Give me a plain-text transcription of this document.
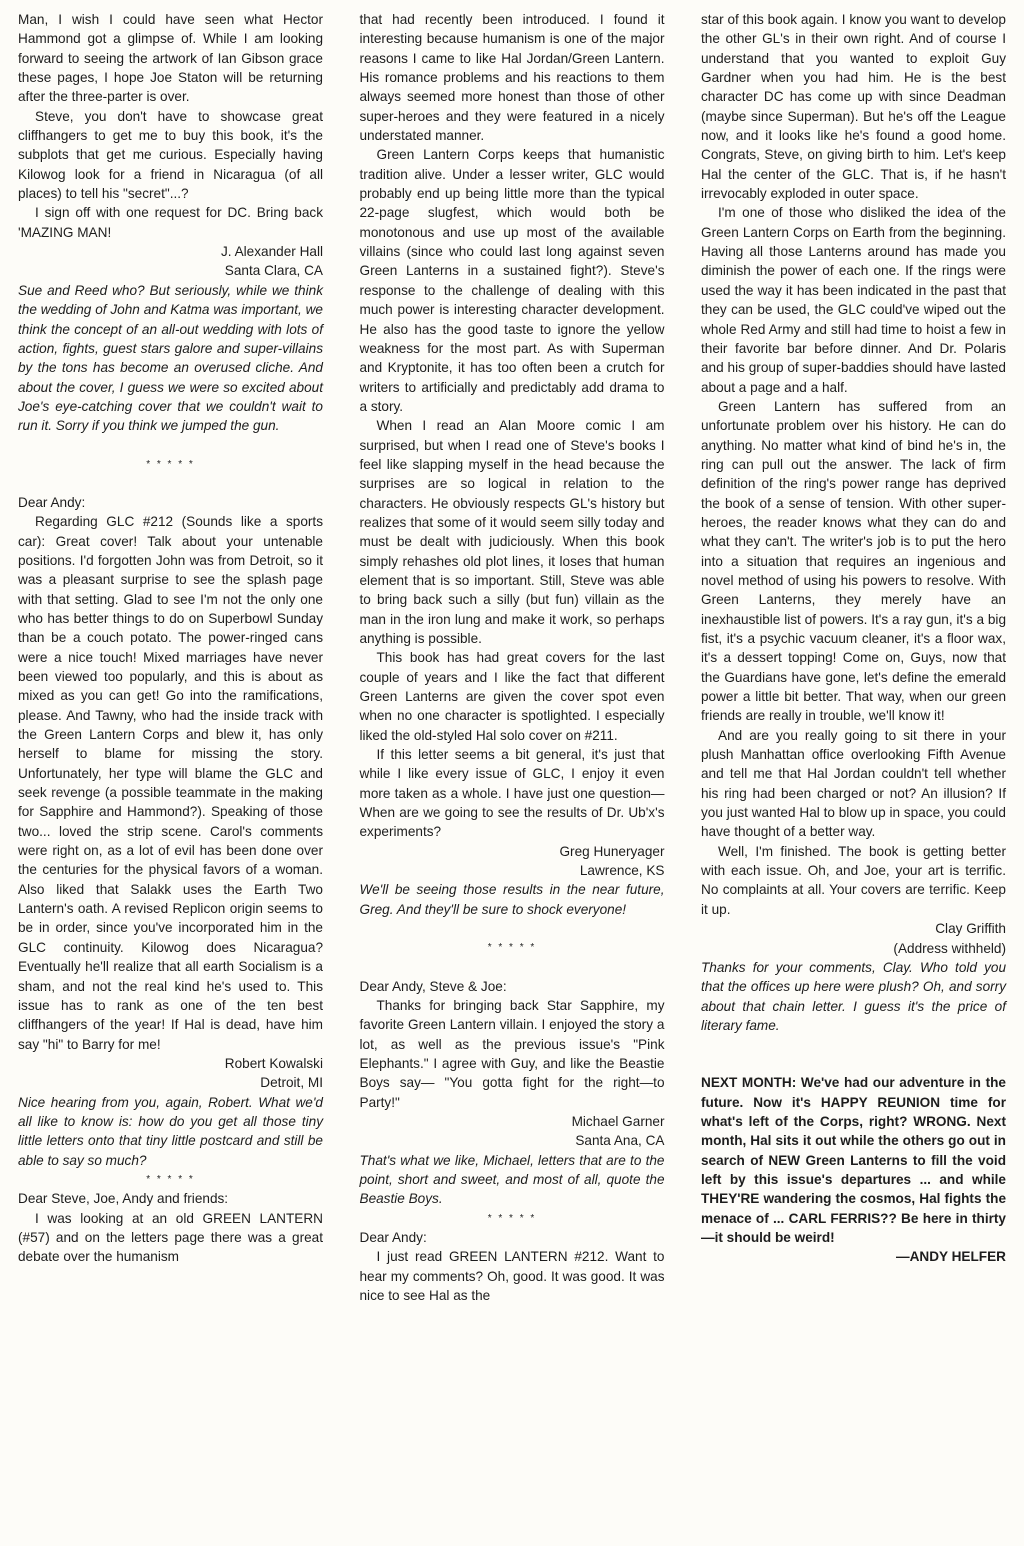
Man, I wish I could have seen what Hector Hammond got a glimpse of. While I am looking forward to seeing the artwork of Ian Gibson grace these pages, I hope Joe Staton will be returning after the three-parter is over.

Steve, you don't have to showcase great cliffhangers to get me to buy this book, it's the subplots that get me curious. Especially having Kilowog look for a friend in Nicaragua (of all places) to tell his "secret"...?

I sign off with one request for DC. Bring back 'MAZING MAN!

J. Alexander Hall

Santa Clara, CA

Sue and Reed who? But seriously, while we think the wedding of John and Katma was important, we think the concept of an all-out wedding with lots of action, fights, guest stars galore and super-villains by the tons has become an overused cliche. And about the cover, I guess we were so excited about Joe's eye-catching cover that we couldn't wait to run it. Sorry if you think we jumped the gun.

* * * * *

Dear Andy:

Regarding GLC #212 (Sounds like a sports car): Great cover! Talk about your untenable positions. I'd forgotten John was from Detroit, so it was a pleasant surprise to see the splash page with that setting. Glad to see I'm not the only one who has better things to do on Superbowl Sunday than be a couch potato. The power-ringed cans were a nice touch! Mixed marriages have never been viewed too popularly, and this is about as mixed as you can get! Go into the ramifications, please. And Tawny, who had the inside track with the Green Lantern Corps and blew it, has only herself to blame for missing the story. Unfortunately, her type will blame the GLC and seek revenge (a possible teammate in the making for Sapphire and Hammond?). Speaking of those two... loved the strip scene. Carol's comments were right on, as a lot of evil has been done over the centuries for the physical favors of a woman. Also liked that Salakk uses the Earth Two Lantern's oath. A revised Replicon origin seems to be in order, since you've incorporated him in the GLC continuity. Kilowog does Nicaragua? Eventually he'll realize that all earth Socialism is a sham, and not the real kind he's used to. This issue has to rank as one of the ten best cliffhangers of the year! If Hal is dead, have him say "hi" to Barry for me!

Robert Kowalski

Detroit, MI

Nice hearing from you, again, Robert. What we'd all like to know is: how do you get all those tiny little letters onto that tiny little postcard and still be able to say so much?

* * * * *

Dear Steve, Joe, Andy and friends:

I was looking at an old GREEN LANTERN (#57) and on the letters page there was a great debate over the humanism

that had recently been introduced. I found it interesting because humanism is one of the major reasons I came to like Hal Jordan/Green Lantern. His romance problems and his reactions to them always seemed more honest than those of other super-heroes and they were featured in a nicely understated manner.

Green Lantern Corps keeps that humanistic tradition alive. Under a lesser writer, GLC would probably end up being little more than the typical 22-page slugfest, which would both be monotonous and use up most of the available villains (since who could last long against seven Green Lanterns in a sustained fight?). Steve's response to the challenge of dealing with this much power is interesting character development. He also has the good taste to ignore the yellow weakness for the most part. As with Superman and Kryptonite, it has too often been a crutch for writers to artificially and predictably add drama to a story.

When I read an Alan Moore comic I am surprised, but when I read one of Steve's books I feel like slapping myself in the head because the surprises are so logical in relation to the characters. He obviously respects GL's history but realizes that some of it would seem silly today and must be dealt with judiciously. When this book simply rehashes old plot lines, it loses that human element that is so important. Still, Steve was able to bring back such a silly (but fun) villain as the man in the iron lung and make it work, so perhaps anything is possible.

This book has had great covers for the last couple of years and I like the fact that different Green Lanterns are given the cover spot even when no one character is spotlighted. I especially liked the old-styled Hal solo cover on #211.

If this letter seems a bit general, it's just that while I like every issue of GLC, I enjoy it even more taken as a whole. I have just one question—When are we going to see the results of Dr. Ub'x's experiments?

Greg Huneryager

Lawrence, KS

We'll be seeing those results in the near future, Greg. And they'll be sure to shock everyone!

* * * * *

Dear Andy, Steve & Joe:

Thanks for bringing back Star Sapphire, my favorite Green Lantern villain. I enjoyed the story a lot, as well as the previous issue's "Pink Elephants." I agree with Guy, and like the Beastie Boys say— "You gotta fight for the right—to Party!"

Michael Garner

Santa Ana, CA

That's what we like, Michael, letters that are to the point, short and sweet, and most of all, quote the Beastie Boys.

* * * * *

Dear Andy:

I just read GREEN LANTERN #212. Want to hear my comments? Oh, good. It was good. It was nice to see Hal as the

star of this book again. I know you want to develop the other GL's in their own right. And of course I understand that you wanted to exploit Guy Gardner when you had him. He is the best character DC has come up with since Deadman (maybe since Superman). But he's off the League now, and it looks like he's found a good home. Congrats, Steve, on giving birth to him. Let's keep Hal the center of the GLC. That is, if he hasn't irrevocably exploded in outer space.

I'm one of those who disliked the idea of the Green Lantern Corps on Earth from the beginning. Having all those Lanterns around has made you diminish the power of each one. If the rings were used the way it has been indicated in the past that they can be used, the GLC could've wiped out the whole Red Army and still had time to hoist a few in their favorite bar before dinner. And Dr. Polaris and his group of super-baddies should have lasted about a page and a half.

Green Lantern has suffered from an unfortunate problem over his history. He can do anything. No matter what kind of bind he's in, the ring can pull out the answer. The lack of firm definition of the ring's power range has deprived the book of a sense of tension. With other super-heroes, the reader knows what they can do and what they can't. The writer's job is to put the hero into a situation that requires an ingenious and novel method of using his powers to resolve. With Green Lanterns, they merely have an inexhaustible list of powers. It's a ray gun, it's a big fist, it's a psychic vacuum cleaner, it's a floor wax, it's a dessert topping! Come on, Guys, now that the Guardians have gone, let's define the emerald power a little bit better. That way, when our green friends are really in trouble, we'll know it!

And are you really going to sit there in your plush Manhattan office overlooking Fifth Avenue and tell me that Hal Jordan couldn't tell whether his ring had been charged or not? An illusion? If you just wanted Hal to blow up in space, you could have thought of a better way.

Well, I'm finished. The book is getting better with each issue. Oh, and Joe, your art is terrific. No complaints at all. Your covers are terrific. Keep it up.

Clay Griffith

(Address withheld)

Thanks for your comments, Clay. Who told you that the offices up here were plush? Oh, and sorry about that chain letter. I guess it's the price of literary fame.

NEXT MONTH: We've had our adventure in the future. Now it's HAPPY REUNION time for what's left of the Corps, right? WRONG. Next month, Hal sits it out while the others go out in search of NEW Green Lanterns to fill the void left by this issue's departures ... and while THEY'RE wandering the cosmos, Hal fights the menace of ... CARL FERRIS?? Be here in thirty—it should be weird!

—ANDY HELFER
